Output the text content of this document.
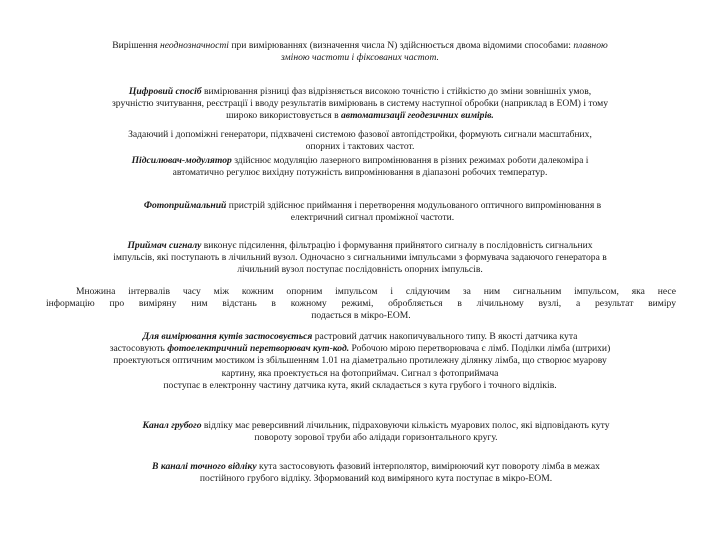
Вирішення неоднозначності при вимірюваннях (визначення числа N) здійснюється двома відомими способами: плавною
зміною частоти і фіксованих частот.
Цифровий спосіб вимірювання різниці фаз відрізняється високою точністю і стійкістю до зміни зовнішніх умов,
зручністю зчитування, реєстрації і вводу результатів вимірювань в систему наступної обробки (наприклад в ЕОМ) і тому
широко використовується в автоматизації геодезичних вимірів.
Задаючий і допоміжні генератори, підхвачені системою фазової автопідстройки, формують сигнали масштабних,
опорних і тактових частот.
Підсилювач-модулятор здійснює модуляцію лазерного випромінювання в різних режимах роботи далекоміра і
автоматично регулює вихідну потужність випромінювання в діапазоні робочих температур.
Фотоприймальний пристрій здійснює приймання і перетворення модульованого оптичного випромінювання в
електричний сигнал проміжної частоти.
Приймач сигналу виконує підсилення, фільтрацію і формування прийнятого сигналу в послідовність сигнальних
імпульсів, які поступають в лічильний вузол. Одночасно з сигнальними імпульсами з формувача задаючого генератора в
лічильний вузол поступає послідовність опорних імпульсів.
Множина інтервалів часу між кожним опорним імпульсом і слідуючим за ним сигнальним імпульсом, яка несе
інформацію про виміряну ним відстань в кожному режимі, обробляється в лічильному вузлі, а результат виміру
подається в мікро-ЕОМ.
Для вимірювання кутів застосовується растровий датчик накопичувального типу. В якості датчика кута
застосовують фотоелектричний перетворювач кут-код. Робочою мірою перетворювача є лімб. Поділки лімба (штрихи)
проектуються оптичним мостиком із збільшенням 1.01 на діаметрально протилежну ділянку лімба, що створює муарову
картину, яка проектується на фотоприймач. Сигнал з фотоприймача
поступає в електронну частину датчика кута, який складається з кута грубого і точного відліків.
Канал грубого відліку має реверсивний лічильник, підраховуючи кількість муарових полос, які відповідають куту
повороту зорової труби або алідади горизонтального кругу.
В каналі точного відліку кута застосовують фазовий інтерполятор, вимірюючий кут повороту лімба в межах
постійного грубого відліку. Зформований код виміряного кута поступає в мікро-ЕОМ.
